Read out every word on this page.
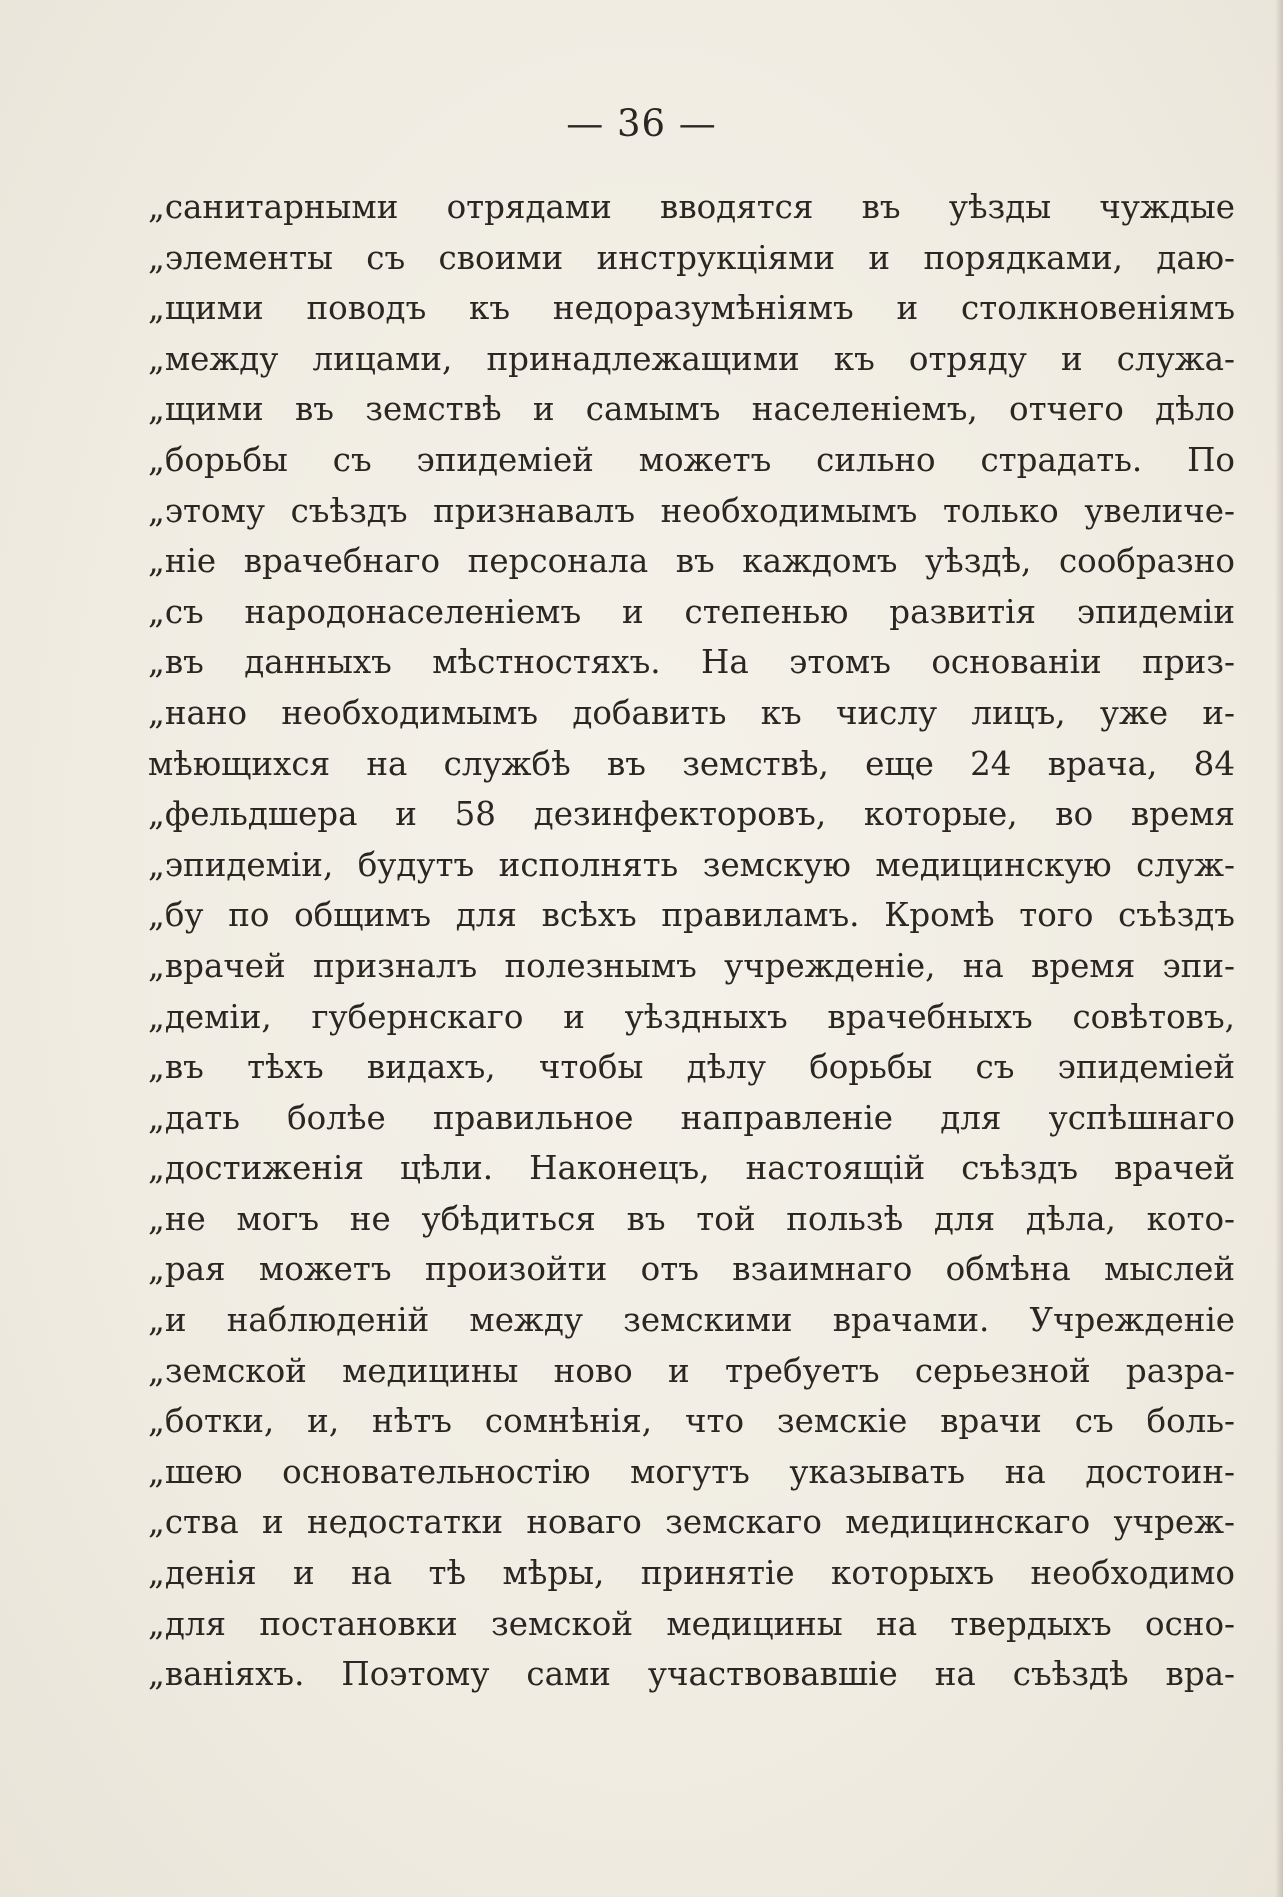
— 36 —
„санитарными отрядами вводятся въ уѣзды чуждые
„элементы съ своими инструкціями и порядками, даю-
„щими поводъ къ недоразумѣніямъ и столкновеніямъ
„между лицами, принадлежащими къ отряду и служа-
„щими въ земствѣ и самымъ населеніемъ, отчего дѣло
„борьбы съ эпидеміей можетъ сильно страдать. По
„этому съѣздъ признавалъ необходимымъ только увеличе-
„ніе врачебнаго персонала въ каждомъ уѣздѣ, сообразно
„съ народонаселеніемъ и степенью развитія эпидеміи
„въ данныхъ мѣстностяхъ. На этомъ основаніи приз-
„нано необходимымъ добавить къ числу лицъ, уже и-
мѣющихся на службѣ въ земствѣ, еще 24 врача, 84
„фельдшера и 58 дезинфекторовъ, которые, во время
„эпидеміи, будутъ исполнять земскую медицинскую служ-
„бу по общимъ для всѣхъ правиламъ. Кромѣ того съѣздъ
„врачей призналъ полезнымъ учрежденіе, на время эпи-
„деміи, губернскаго и уѣздныхъ врачебныхъ совѣтовъ,
„въ тѣхъ видахъ, чтобы дѣлу борьбы съ эпидеміей
„дать болѣе правильное направленіе для успѣшнаго
„достиженія цѣли. Наконецъ, настоящій съѣздъ врачей
„не могъ не убѣдиться въ той пользѣ для дѣла, кото-
„рая можетъ произойти отъ взаимнаго обмѣна мыслей
„и наблюденій между земскими врачами. Учрежденіе
„земской медицины ново и требуетъ серьезной разра-
„ботки, и, нѣтъ сомнѣнія, что земскіе врачи съ боль-
„шею основательностію могутъ указывать на достоин-
„ства и недостатки новаго земскаго медицинскаго учреж-
„денія и на тѣ мѣры, принятіе которыхъ необходимо
„для постановки земской медицины на твердыхъ осно-
„ваніяхъ. Поэтому сами участвовавшіе на съѣздѣ вра-
